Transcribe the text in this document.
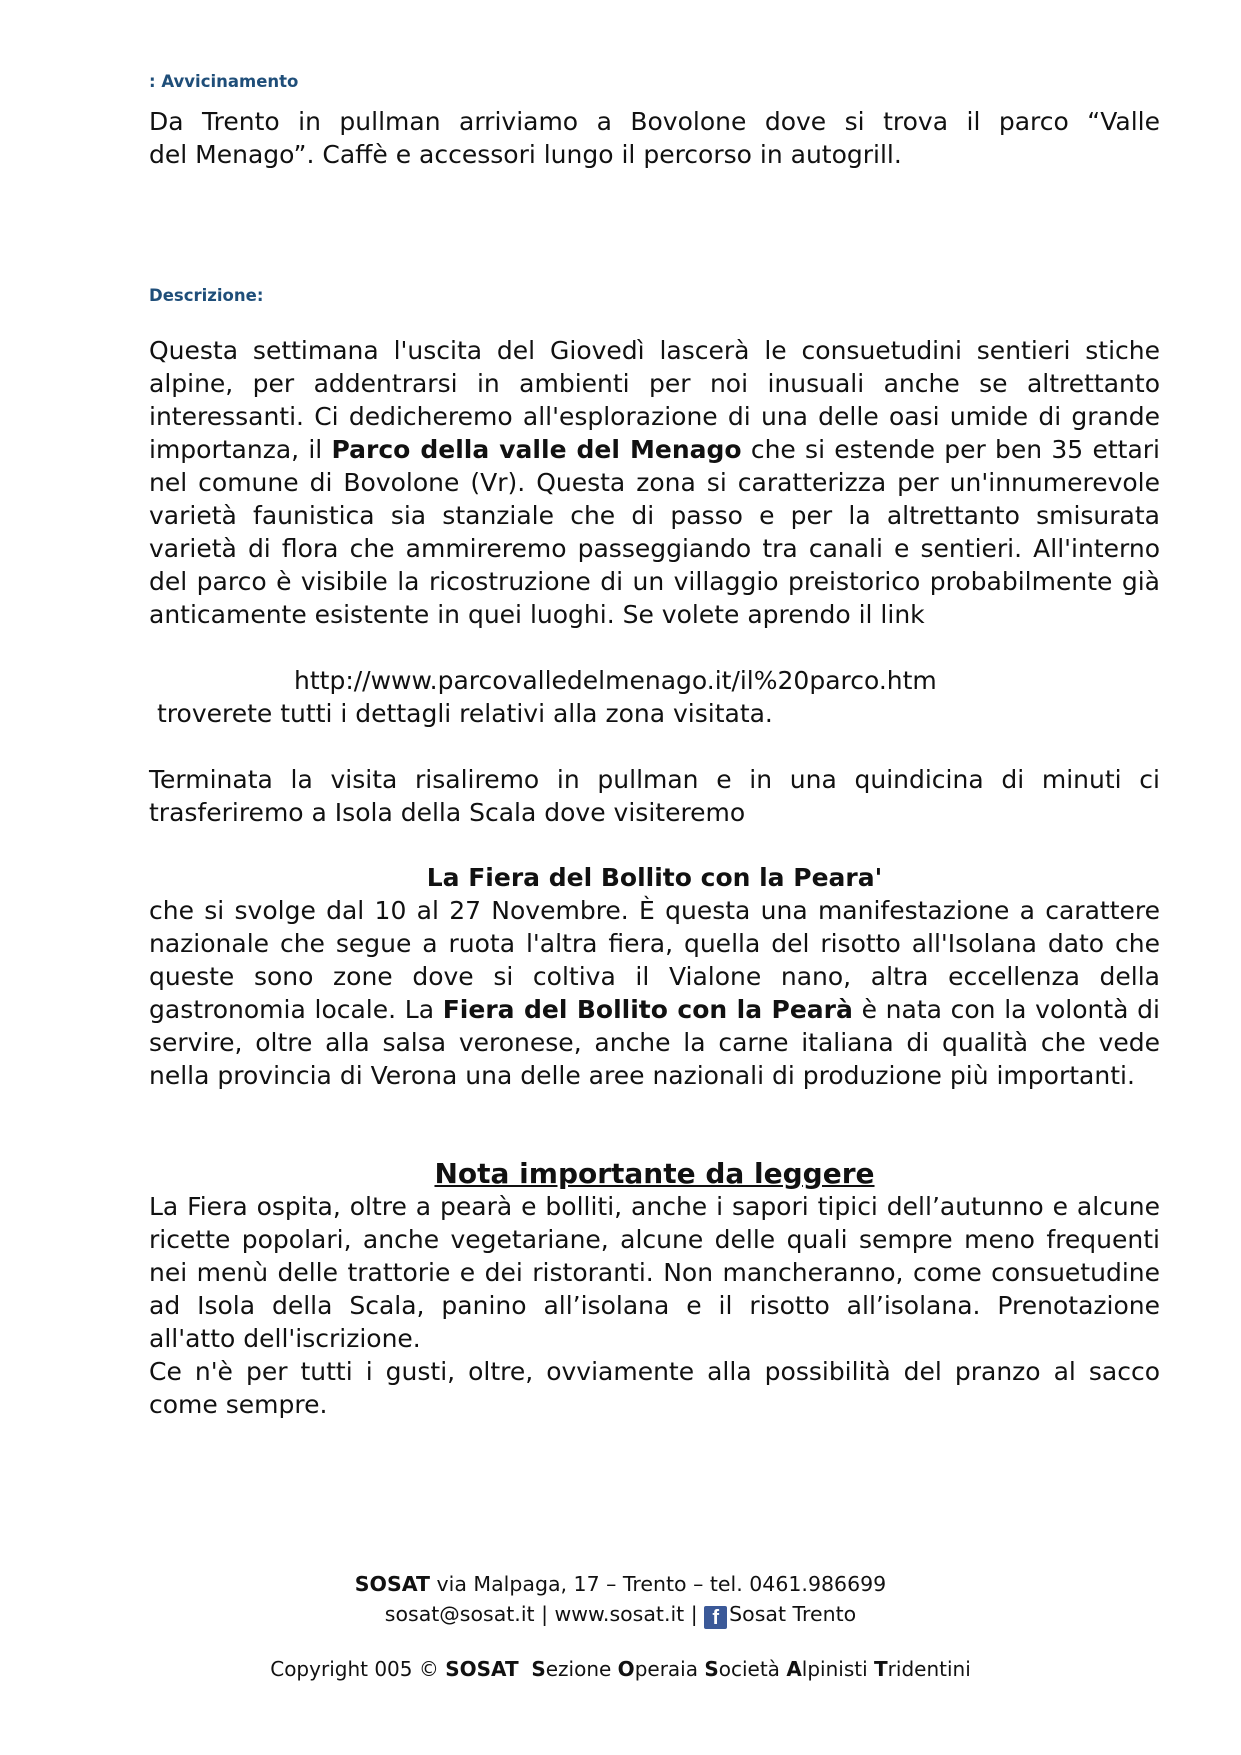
: Avvicinamento
Da Trento in pullman arriviamo a Bovolone dove si trova il parco “Valle
del Menago”. Caffè e accessori lungo il percorso in autogrill.
Descrizione:
Questa settimana l'uscita del Giovedì lascerà le consuetudini sentieri stiche alpine, per addentrarsi in ambienti per noi inusuali anche se altrettanto interessanti. Ci dedicheremo all'esplorazione di una delle oasi umide di grande importanza, il Parco della valle del Menago che si estende per ben 35 ettari nel comune di Bovolone (Vr). Questa zona si caratterizza per un'innumerevole varietà faunistica sia stanziale che di passo e per la altrettanto smisurata varietà di flora che ammireremo passeggiando tra canali e sentieri. All'interno del parco è visibile la ricostruzione di un villaggio preistorico probabilmente già anticamente esistente in quei luoghi. Se volete aprendo il link
http://www.parcovalledelmenago.it/il%20parco.htm
troverete tutti i dettagli relativi alla zona visitata.
Terminata la visita risaliremo in pullman e in una quindicina di minuti ci trasferiremo a Isola della Scala dove visiteremo
La Fiera del Bollito con la Peara'
che si svolge dal 10 al 27 Novembre. È questa una manifestazione a carattere nazionale che segue a ruota l'altra fiera, quella del risotto all'Isolana dato che queste sono zone dove si coltiva il Vialone nano, altra eccellenza della gastronomia locale. La Fiera del Bollito con la Pearà è nata con la volontà di servire, oltre alla salsa veronese, anche la carne italiana di qualità che vede nella provincia di Verona una delle aree nazionali di produzione più importanti.
Nota importante da leggere
La Fiera ospita, oltre a pearà e bolliti, anche i sapori tipici dell’autunno e alcune ricette popolari, anche vegetariane, alcune delle quali sempre meno frequenti nei menù delle trattorie e dei ristoranti. Non mancheranno, come consuetudine ad Isola della Scala, panino all’isolana e il risotto all’isolana. Prenotazione all'atto dell'iscrizione.
Ce n'è per tutti i gusti, oltre, ovviamente alla possibilità del pranzo al sacco come sempre.
SOSAT via Malpaga, 17 – Trento – tel. 0461.986699
sosat@sosat.it | www.sosat.it | f Sosat Trento
Copyright 005 © SOSAT Sezione Operaia Società Alpinisti Tridentini
